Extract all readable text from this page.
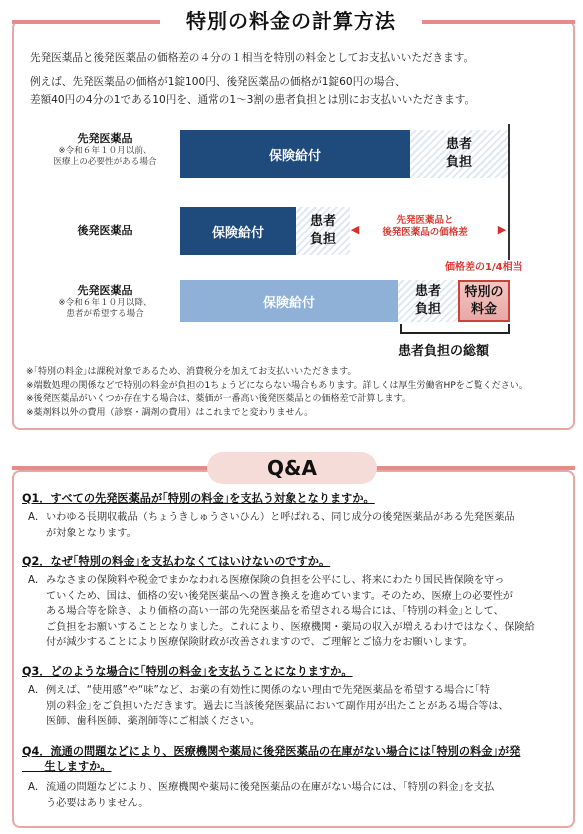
特別の料金の計算方法
先発医薬品と後発医薬品の価格差の４分の１相当を特別の料金としてお支払いいただきます。
例えば、先発医薬品の価格が1錠100円、後発医薬品の価格が1錠60円の場合、
差額40円の4分の1である10円を、通常の1～3割の患者負担とは別にお支払いいただきます。
先発医薬品
※令和６年１０月以前、
医療上の必要性がある場合	保険給付
患者
負担
後発医薬品	保険給付
患者
負担
先発医薬品と
後発医薬品の価格差
◀	▶
先発医薬品
※令和６年１０月以降、
患者が希望する場合
価格差の1/4相当
保険給付
患者
負担
特別の
料金
患者負担の総額
※｢特別の料金｣は課税対象であるため、消費税分を加えてお支払いいただきます。
※端数処理の関係などで特別の料金が負担の1ちょうどにならない場合もあります。詳しくは厚生労働省HPをご覧ください。
※後発医薬品がいくつか存在する場合は、薬価が一番高い後発医薬品との価格差で計算します。
※薬剤料以外の費用（診察・調剤の費用）はこれまでと変わりません。
Q&A
Q1．すべての先発医薬品が｢特別の料金｣を支払う対象となりますか。
A． いわゆる長期収載品（ちょうきしゅうさいひん）と呼ばれる、同じ成分の後発医薬品がある先発医薬品
が対象となります。
Q2．なぜ｢特別の料金｣を支払わなくてはいけないのですか。
A． みなさまの保険料や税金でまかなわれる医療保険の負担を公平にし、将来にわたり国民皆保険を守っ
ていくため、国は、価格の安い後発医薬品への置き換えを進めています。そのため、医療上の必要性が
ある場合等を除き、より価格の高い一部の先発医薬品を希望される場合には、｢特別の料金｣として、
ご負担をお願いすることとなりました。これにより、医療機関・薬局の収入が増えるわけではなく、保険給
付が減少することにより医療保険財政が改善されますので、ご理解とご協力をお願いします。
Q3．どのような場合に｢特別の料金｣を支払うことになりますか。
A． 例えば、“使用感”や“味”など、お薬の有効性に関係のない理由で先発医薬品を希望する場合に｢特
別の料金｣をご負担いただきます。過去に当該後発医薬品において副作用が出たことがある場合等は、
医師、歯科医師、薬剤師等にご相談ください。
Q4．流通の問題などにより、医療機関や薬局に後発医薬品の在庫がない場合には｢特別の料金｣が発
　　生しますか。
A． 流通の問題などにより、医療機関や薬局に後発医薬品の在庫がない場合には、｢特別の料金｣を支払
う必要はありません。
